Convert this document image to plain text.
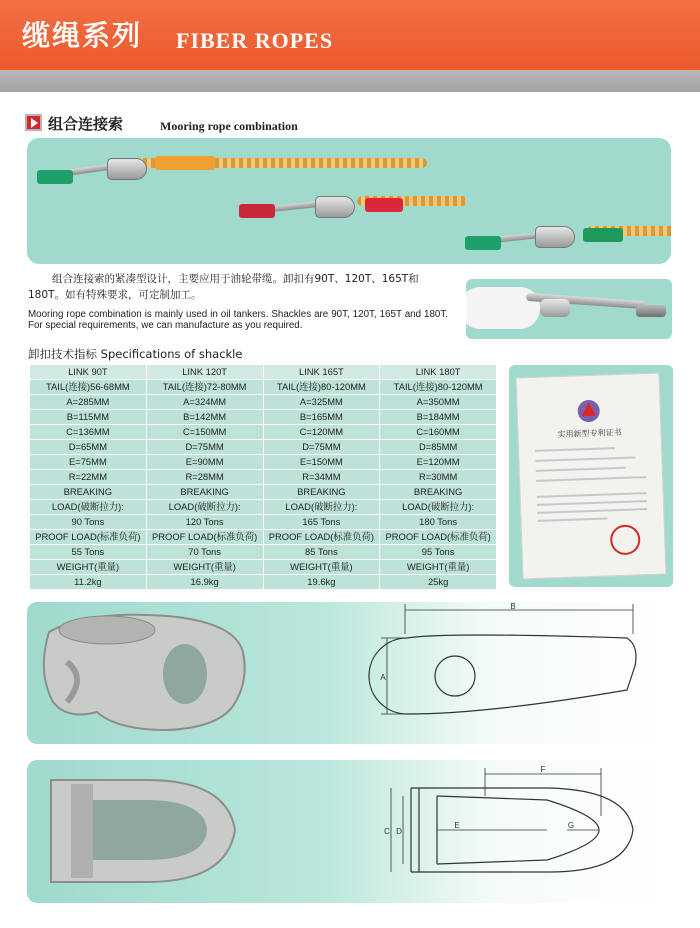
缆绳系列 FIBER ROPES
组合连接索	Mooring rope combination

组合连接索的紧凑型设计，主要应用于油轮带缆。卸扣有90T、120T、165T和180T。如有特殊要求，可定制加工。

Mooring rope combination is mainly used in oil tankers. Shackles are 90T, 120T, 165T and 180T. For special requirements, we can manufacture as you required.

卸扣技术指标 Specifications of shackle
LINK 90T	LINK 120T	LINK 165T	LINK 180T
TAIL(连接)56-68MM	TAIL(连接)72-80MM	TAIL(连接)80-120MM	TAIL(连接)80-120MM
A=285MM	A=324MM	A=325MM	A=350MM
B=115MM	B=142MM	B=165MM	B=184MM
C=136MM	C=150MM	C=120MM	C=160MM
D=65MM	D=75MM	D=75MM	D=85MM
E=75MM	E=90MM	E=150MM	E=120MM
R=22MM	R=28MM	R=34MM	R=30MM
BREAKING	BREAKING	BREAKING	BREAKING
LOAD(破断拉力):	LOAD(破断拉力):	LOAD(破断拉力):	LOAD(破断拉力):
90 Tons	120 Tons	165 Tons	180 Tons
PROOF LOAD(标准负荷)	PROOF LOAD(标准负荷)	PROOF LOAD(标准负荷)	PROOF LOAD(标准负荷)
55 Tons	70 Tons	85 Tons	95 Tons
WEIGHT(重量)	WEIGHT(重量)	WEIGHT(重量)	WEIGHT(重量)
11.2kg	16.9kg	19.6kg	25kg
实用新型专利证书
B
A
F
C D
E	G
